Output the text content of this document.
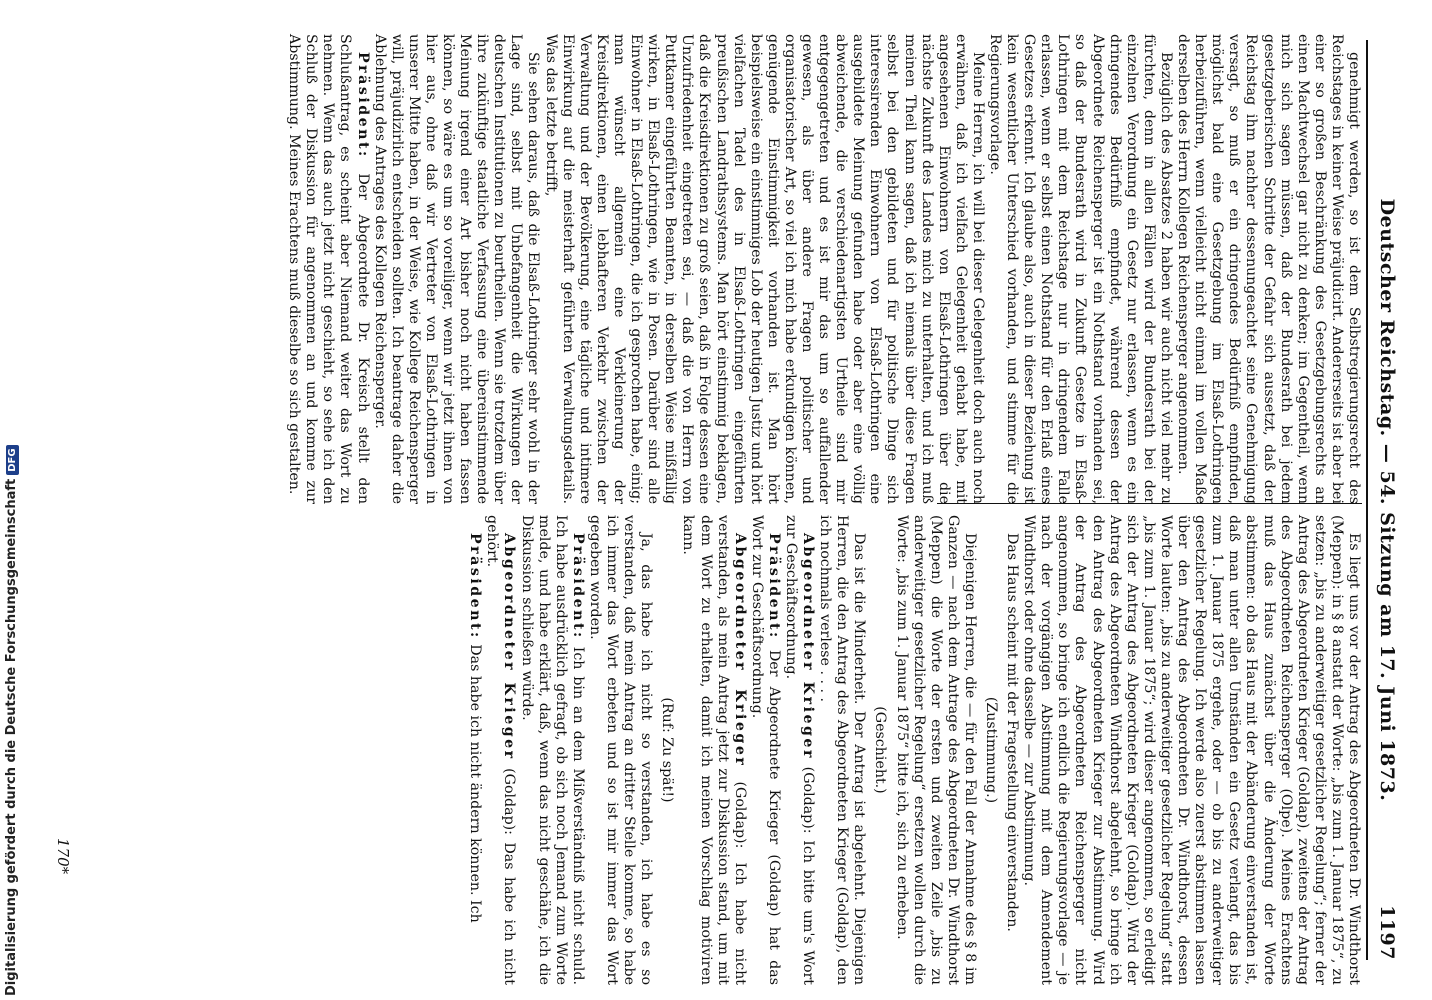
Deutscher Reichstag. — 54. Sitzung am 17. Juni 1873.
1197

genehmigt werden, so ist dem Selbstregierungsrecht des Reichstages in keiner Weise präjudicirt. Andererseits ist aber bei einer so großen Beschränkung des Gesetzgebungsrechts an einen Machtwechsel gar nicht zu denken; im Gegentheil, wenn mich sich sagen müssen, daß der Bundesrath bei jedem gesetzgeberischen Schritte der Gefahr sich aussetzt, daß der Reichstag ihm nachher dessenungeachtet seine Genehmigung versagt, so muß er ein dringendes Bedürfniß empfinden, möglichst bald eine Gesetzgebung im Elsaß-Lothringen herbeizuführen, wenn vielleicht nicht einmal im vollen Maße derselben des Herrn Kollegen Reichensperger angenommen.

Bezüglich des Absatzes 2 haben wir auch nicht viel mehr zu fürchten, denn in allen Fällen wird der Bundesrath bei der einzelnen Verordnung ein Gesetz nur erlassen, wenn es ein dringendes Bedürfniß empfindet, während dessen der Abgeordnete Reichensperger ist ein Nothstand vorhanden sei, so daß der Bundesrath wird in Zukunft Gesetze in Elsaß-Lothringen mit dem Reichstage nur in dringendem Falle erlassen, wenn er selbst einen Nothstand für den Erlaß eines Gesetzes erkennt. Ich glaube also, auch in dieser Beziehung ist kein wesentlicher Unterschied vorhanden, und stimme für die Regierungsvorlage.

Meine Herren, ich will bei dieser Gelegenheit doch auch noch erwähnen, daß ich vielfach Gelegenheit gehabt habe, mit angesehenen Einwohnern von Elsaß-Lothringen über die nächste Zukunft des Landes mich zu unterhalten, und ich muß meinen Theil kann sagen, daß ich niemals über diese Fragen selbst bei den gebildeten und für politische Dinge sich interessirenden Einwohnern von Elsaß-Lothringen eine ausgebildete Meinung gefunden habe oder aber eine völlig abweichende, die verschiedenartigsten Urtheile sind mir entgegengetreten und es ist mir das um so auffallender gewesen, als über andere Fragen politischer und organisatorischer Art, so viel ich mich habe erkundigen können, genügende Einstimmigkeit vorhanden ist. Man hört beispielsweise ein einstimmiges Lob der heutigen Justiz und hört vielfachen Tadel des in Elsaß-Lothringen eingeführten preußischen Landrathssystems. Man hört einstimmig beklagen, daß die Kreisdirektionen zu groß seien, daß in Folge dessen eine Unzufriedenheit eingetreten sei, — daß die von Herrn von Puttkamer eingeführten Beamten, in derselben Weise mißfällig wirken, in Elsaß-Lothringen, wie in Posen. Darüber sind alle Einwohner in Elsaß-Lothringen, die ich gesprochen habe, einig; man wünscht allgemein eine Verkleinerung der Kreisdirektionen, einen lebhafteren Verkehr zwischen der Verwaltung und der Bevölkerung, eine tägliche und intimere Einwirkung auf die meisterhaft geführten Verwaltungsdetails. Was das letzte betrifft,

Sie sehen daraus, daß die Elsaß-Lothringer sehr wohl in der Lage sind, selbst mit Unbefangenheit die Wirkungen der deutschen Institutionen zu beurtheilen. Wenn sie trotzdem über ihre zukünftige staatliche Verfassung eine übereinstimmende Meinung irgend einer Art bisher noch nicht haben fassen können, so wäre es um so voreiliger, wenn wir jetzt ihnen von hier aus, ohne daß wir Vertreter von Elsaß-Lothringen in unserer Mitte haben, in der Weise, wie Kollege Reichensperger will, präjudizirlich entscheiden sollten. Ich beantrage daher die Ablehnung des Antrages des Kollegen Reichensperger.

Präsident: Der Abgeordnete Dr. Kreisch stellt den Schlußantrag, es scheint aber Niemand weiter das Wort zu nehmen. Wenn das auch jetzt nicht geschieht, so sehe ich den Schluß der Diskussion für angenommen an und komme zur Abstimmung. Meines Erachtens muß dieselbe so sich gestalten.

Es liegt uns vor der Antrag des Abgeordneten Dr. Windthorst (Meppen): in § 8 anstatt der Worte: „bis zum 1. Januar 1875“, zu setzen: „bis zu anderweitiger gesetzlicher Regelung“; ferner der Antrag des Abgeordneten Krieger (Goldap), zweitens der Antrag des Abgeordneten Reichensperger (Olpe). Meines Erachtens muß das Haus zunächst über die Änderung der Worte abstimmen: ob das Haus mit der Abänderung einverstanden ist, daß man unter allen Umständen ein Gesetz verlangt, das bis zum 1. Januar 1875 ergehe, oder — ob bis zu anderweitiger gesetzlicher Regelung. Ich werde also zuerst abstimmen lassen über den Antrag des Abgeordneten Dr. Windthorst, dessen Worte lauten: „bis zu anderweitiger gesetzlicher Regelung“ statt „bis zum 1. Januar 1875“; wird dieser angenommen, so erledigt sich der Antrag des Abgeordneten Krieger (Goldap). Wird der Antrag des Abgeordneten Windthorst abgelehnt, so bringe ich den Antrag des Abgeordneten Krieger zur Abstimmung. Wird der Antrag des Abgeordneten Reichensperger nicht angenommen, so bringe ich endlich die Regierungsvorlage — je nach der vorgängigen Abstimmung mit dem Amendement Windthorst oder ohne dasselbe — zur Abstimmung.

Das Haus scheint mit der Fragestellung einverstanden.

(Zustimmung.)

Diejenigen Herren, die — für den Fall der Annahme des § 8 im Ganzen — nach dem Antrage des Abgeordneten Dr. Windthorst (Meppen) die Worte der ersten und zweiten Zeile „bis zu anderweitiger gesetzlicher Regelung“ ersetzen wollen durch die Worte: „bis zum 1. Januar 1875“ bitte ich, sich zu erheben.

(Geschieht.)

Das ist die Minderheit. Der Antrag ist abgelehnt. Diejenigen Herren, die den Antrag des Abgeordneten Krieger (Goldap), den ich nochmals verlese . . . .

Abgeordneter Krieger (Goldap): Ich bitte um's Wort zur Geschäftsordnung.

Präsident: Der Abgeordnete Krieger (Goldap) hat das Wort zur Geschäftsordnung.

Abgeordneter Krieger (Goldap): Ich habe nicht verstanden, als mein Antrag jetzt zur Diskussion stand, um mit dem Wort zu erhalten, damit ich meinen Vorschlag motiviren kann.

(Ruf: Zu spät!)

Ja, das habe ich nicht so verstanden, ich habe es so verstanden, daß mein Antrag an dritter Stelle komme, so habe ich immer das Wort erbeten und so ist mir immer das Wort gegeben worden.

Präsident: Ich bin an dem Mißverständniß nicht schuld. Ich habe ausdrücklich gefragt, ob sich noch Jemand zum Worte melde, und habe erklärt, daß, wenn das nicht geschähe, ich die Diskussion schließen würde.

Abgeordneter Krieger (Goldap): Das habe ich nicht gehört.

Präsident: Das habe ich nicht ändern können. Ich

170*
Digitalisierung gefördert durch die Deutsche ForschungsgemeinschaftDFG
